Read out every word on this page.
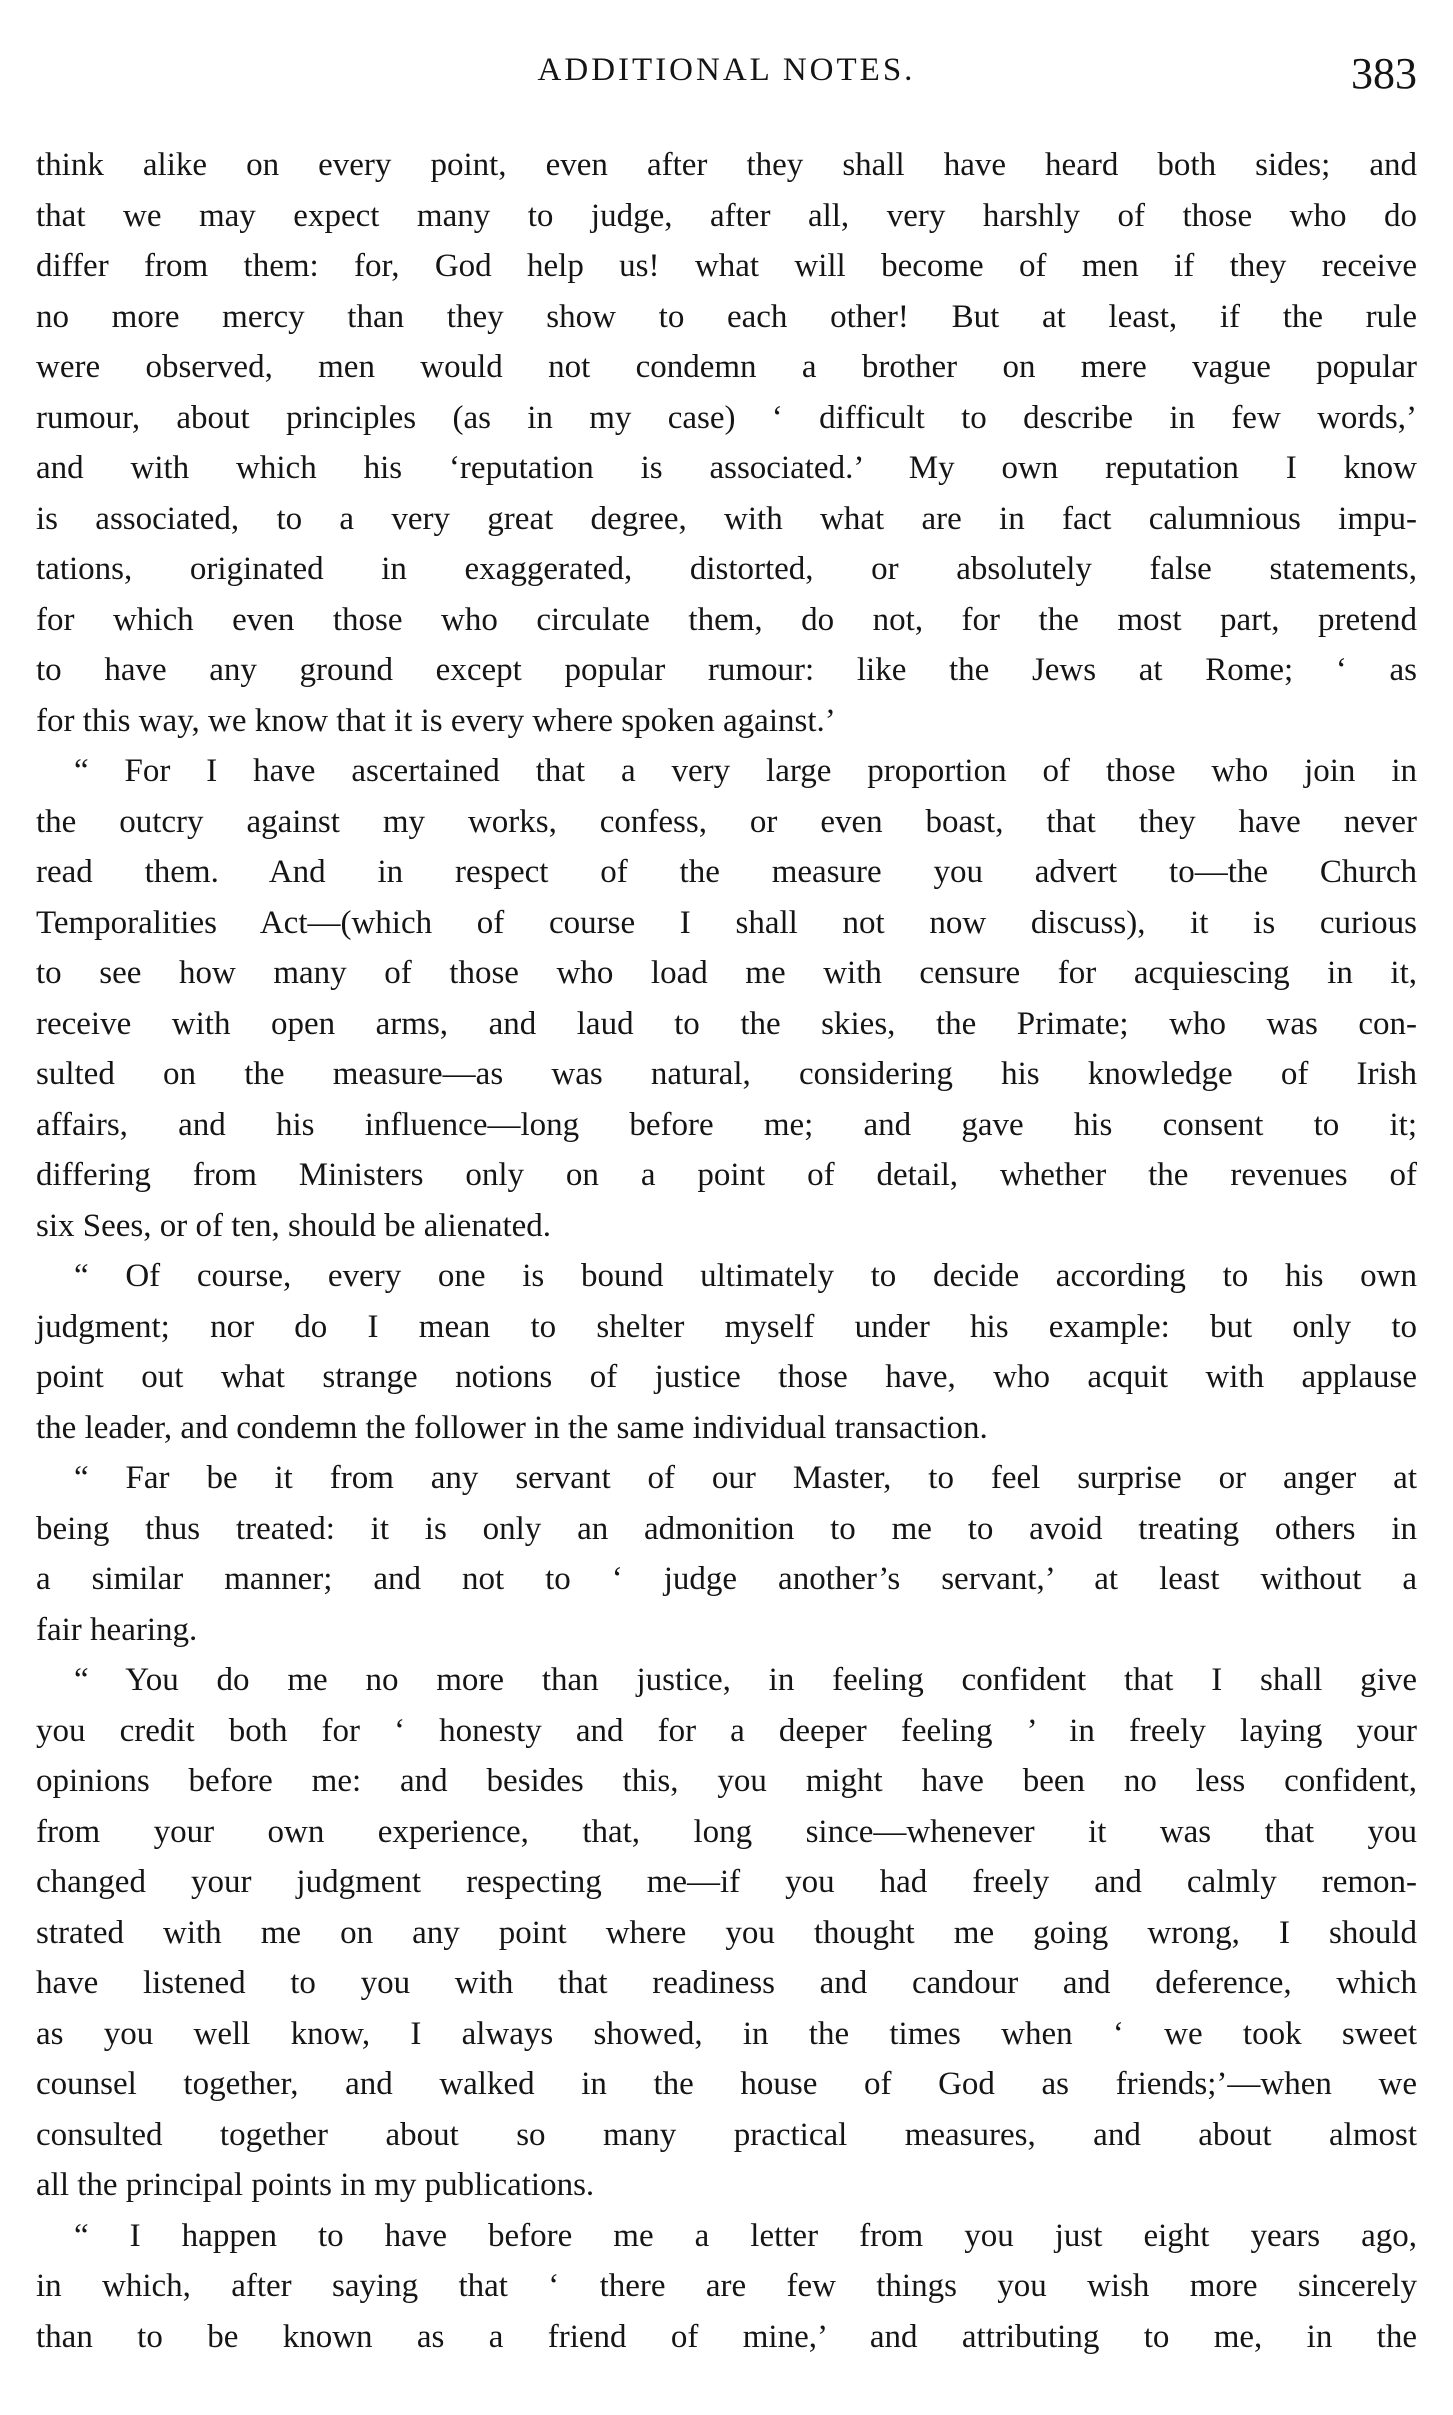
ADDITIONAL NOTES.	383
think alike on every point, even after they shall have heard both sides; and
that we may expect many to judge, after all, very harshly of those who do
differ from them: for, God help us! what will become of men if they receive
no more mercy than they show to each other! But at least, if the rule
were observed, men would not condemn a brother on mere vague popular
rumour, about principles (as in my case) ‘ difficult to describe in few words,’
and with which his ‘reputation is associated.’ My own reputation I know
is associated, to a very great degree, with what are in fact calumnious impu-
tations, originated in exaggerated, distorted, or absolutely false statements,
for which even those who circulate them, do not, for the most part, pretend
to have any ground except popular rumour: like the Jews at Rome; ‘ as
for this way, we know that it is every where spoken against.’
“ For I have ascertained that a very large proportion of those who join in
the outcry against my works, confess, or even boast, that they have never
read them. And in respect of the measure you advert to—the Church
Temporalities Act—(which of course I shall not now discuss), it is curious
to see how many of those who load me with censure for acquiescing in it,
receive with open arms, and laud to the skies, the Primate; who was con-
sulted on the measure—as was natural, considering his knowledge of Irish
affairs, and his influence—long before me; and gave his consent to it;
differing from Ministers only on a point of detail, whether the revenues of
six Sees, or of ten, should be alienated.
“ Of course, every one is bound ultimately to decide according to his own
judgment; nor do I mean to shelter myself under his example: but only to
point out what strange notions of justice those have, who acquit with applause
the leader, and condemn the follower in the same individual transaction.
“ Far be it from any servant of our Master, to feel surprise or anger at
being thus treated: it is only an admonition to me to avoid treating others in
a similar manner; and not to ‘ judge another’s servant,’ at least without a
fair hearing.
“ You do me no more than justice, in feeling confident that I shall give
you credit both for ‘ honesty and for a deeper feeling ’ in freely laying your
opinions before me: and besides this, you might have been no less confident,
from your own experience, that, long since—whenever it was that you
changed your judgment respecting me—if you had freely and calmly remon-
strated with me on any point where you thought me going wrong, I should
have listened to you with that readiness and candour and deference, which
as you well know, I always showed, in the times when ‘ we took sweet
counsel together, and walked in the house of God as friends;’—when we
consulted together about so many practical measures, and about almost
all the principal points in my publications.
“ I happen to have before me a letter from you just eight years ago,
in which, after saying that ‘ there are few things you wish more sincerely
than to be known as a friend of mine,’ and attributing to me, in the
